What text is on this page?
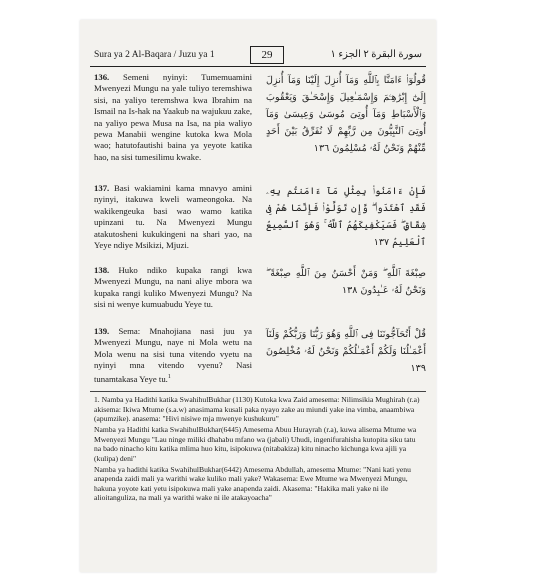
Sura ya 2 Al-Baqara / Juzu ya 1	29	سورة البقرة ٢ الجزء ١
136. Semeni nyinyi: Tumemuamini Mwenyezi Mungu na yale tuliyo teremshiwa sisi, na yaliyo teremshwa kwa Ibrahim na Ismail na Is-hak na Yaakub na wajukuu zake, na yaliyo pewa Musa na Isa, na pia waliyo pewa Manabii wengine kutoka kwa Mola wao; hatutofautishi baina ya yeyote katika hao, na sisi tumesilimu kwake.
قُولُوٓا۟ ءَامَنَّا بِٱللَّهِ وَمَآ أُنزِلَ إِلَيْنَا وَمَآ أُنزِلَ إِلَىٰٓ إِبْرَٰهِـۧمَ وَإِسْمَـٰعِيلَ وَإِسْحَـٰقَ وَيَعْقُوبَ وَٱلْأَسْبَاطِ وَمَآ أُوتِىَ مُوسَىٰ وَعِيسَىٰ وَمَآ أُوتِىَ ٱلنَّبِيُّونَ مِن رَّبِّهِمْ لَا نُفَرِّقُ بَيْنَ أَحَدٍ مِّنْهُمْ وَنَحْنُ لَهُۥ مُسْلِمُونَ ١٣٦
137. Basi wakiamini kama mnavyo amini nyinyi, itakuwa kweli wameongoka. Na wakikengeuka basi wao wamo katika upinzani tu. Na Mwenyezi Mungu atakutosheni kukukingeni na shari yao, na Yeye ndiye Msikizi, Mjuzi.
فَإِنْ ءَامَنُوا۟ بِمِثْلِ مَآ ءَامَنتُم بِهِۦ فَقَدِ ٱهْتَدَوا۟ ۖ وَّإِن تَوَلَّوْا۟ فَإِنَّمَا هُمْ فِى شِقَاقٍ ۖ فَسَيَكْفِيكَهُمُ ٱللَّهُ ۚ وَهُوَ ٱلسَّمِيعُ ٱلْعَلِيمُ ١٣٧
138. Huko ndiko kupaka rangi kwa Mwenyezi Mungu, na nani aliye mbora wa kupaka rangi kuliko Mwenyezi Mungu? Na sisi ni wenye kumuabudu Yeye tu.
صِبْغَةَ ٱللَّهِ ۖ وَمَنْ أَحْسَنُ مِنَ ٱللَّهِ صِبْغَةً ۖ وَنَحْنُ لَهُۥ عَـٰبِدُونَ ١٣٨
139. Sema: Mnahojiana nasi juu ya Mwenyezi Mungu, naye ni Mola wetu na Mola wenu na sisi tuna vitendo vyetu na nyinyi mna vitendo vyenu? Nasi tunamtakasa Yeye tu.$^1$
قُلْ أَتُحَآجُّونَنَا فِى ٱللَّهِ وَهُوَ رَبُّنَا وَرَبُّكُمْ وَلَنَآ أَعْمَـٰلُنَا وَلَكُمْ أَعْمَـٰلُكُمْ وَنَحْنُ لَهُۥ مُخْلِصُونَ ١٣٩

1. Namba ya Hadithi katika SwahihulBukhar (1130) Kutoka kwa Zaid amesema: Nilimsikia Mughirah (r.a) akisema: Ikiwa Mtume (s.a.w) anasimama kusali paka nyayo zake au miundi yake ina vimba, anaambiwa (apumzike). anasema: "Hivi nisiwe mja mwenye kushukuru"

Namba ya Hadithi katka SwahihulBukhar(6445) Amesema Abuu Hurayrah (r.a), kuwa alisema Mtume wa Mwenyezi Mungu "Lau ninge miliki dhahabu mfano wa (jabali) Uhudi, ingenifurahisha kutopita siku tatu na bado ninacho kitu katika mlima huo kitu, isipokuwa (nitabakiza) kitu ninacho kichunga kwa ajili ya (kulipa) deni"

Namba ya hadithi katika SwahihulBukhar(6442) Amesema Abdullah, amesema Mtume: "Nani kati yenu anapenda zaidi mali ya warithi wake kuliko mali yake? Wakasema: Ewe Mtume wa Mwenyezi Mungu, hakuna yoyote kati yetu isipokuwa mali yake anapenda zaidi. Akasema: "Hakika mali yake ni ile alioitanguliza, na mali ya warithi wake ni ile atakayoacha"
